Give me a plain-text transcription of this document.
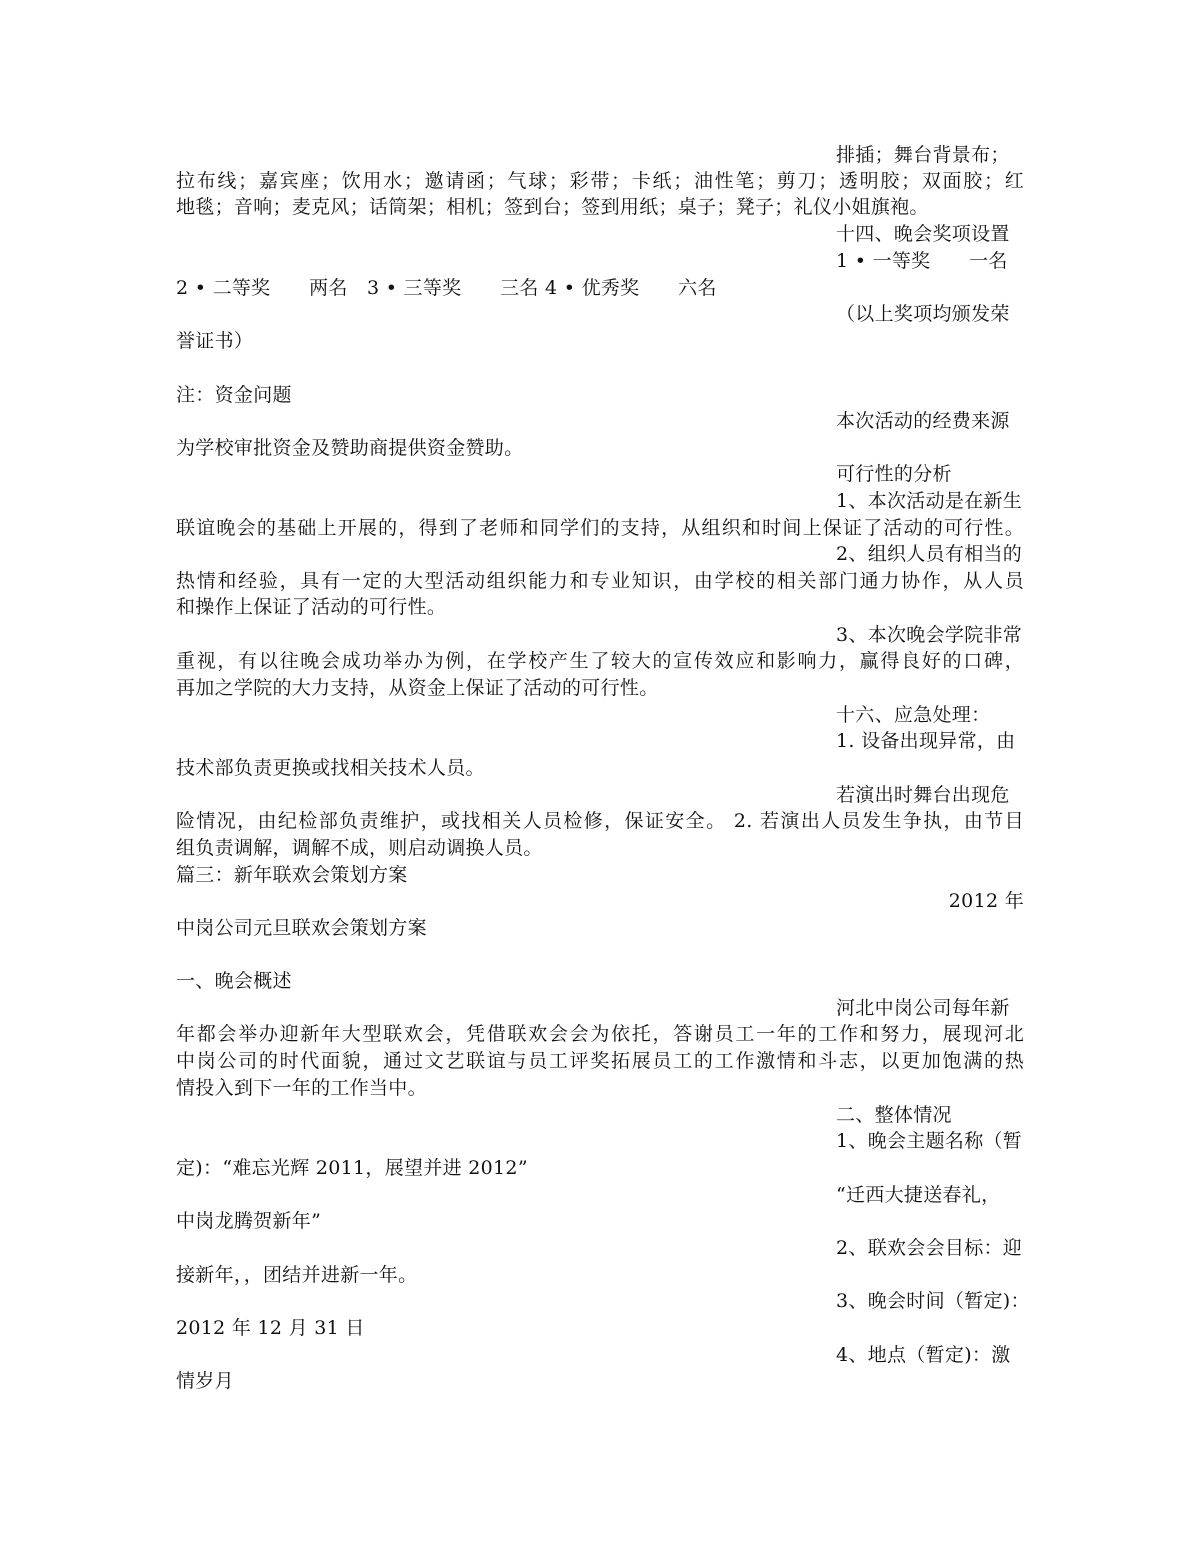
排插；舞台背景布；
拉布线；嘉宾座；饮用水；邀请函；气球；彩带；卡纸；油性笔；剪刀；透明胶；双面胶；红
地毯；音响；麦克风；话筒架；相机；签到台；签到用纸；桌子；凳子；礼仪小姐旗袍。
十四、晚会奖项设置
1 • 一等奖　　一名
2 • 二等奖　　两名　3 • 三等奖　　三名 4 • 优秀奖　　六名
（以上奖项均颁发荣
誉证书）
注：资金问题
本次活动的经费来源
为学校审批资金及赞助商提供资金赞助。
可行性的分析
1、本次活动是在新生
联谊晚会的基础上开展的，得到了老师和同学们的支持，从组织和时间上保证了活动的可行性。
2、组织人员有相当的
热情和经验，具有一定的大型活动组织能力和专业知识，由学校的相关部门通力协作，从人员
和操作上保证了活动的可行性。
3、本次晚会学院非常
重视，有以往晚会成功举办为例，在学校产生了较大的宣传效应和影响力，赢得良好的口碑，
再加之学院的大力支持，从资金上保证了活动的可行性。
十六、应急处理：
1. 设备出现异常，由
技术部负责更换或找相关技术人员。
若演出时舞台出现危
险情况，由纪检部负责维护，或找相关人员检修，保证安全。 2. 若演出人员发生争执，由节目
组负责调解，调解不成，则启动调换人员。
篇三：新年联欢会策划方案
2012 年
中岗公司元旦联欢会策划方案
一、晚会概述
河北中岗公司每年新
年都会举办迎新年大型联欢会，凭借联欢会会为依托，答谢员工一年的工作和努力，展现河北
中岗公司的时代面貌，通过文艺联谊与员工评奖拓展员工的工作激情和斗志，以更加饱满的热
情投入到下一年的工作当中。
二、整体情况
1、晚会主题名称（暂
定)：“难忘光辉 2011，展望并进 2012”
“迁西大捷送春礼，
中岗龙腾贺新年”
2、联欢会会目标：迎
接新年，，团结并进新一年。
3、晚会时间（暂定)：
2012 年 12 月 31 日
4、地点（暂定)：激
情岁月
